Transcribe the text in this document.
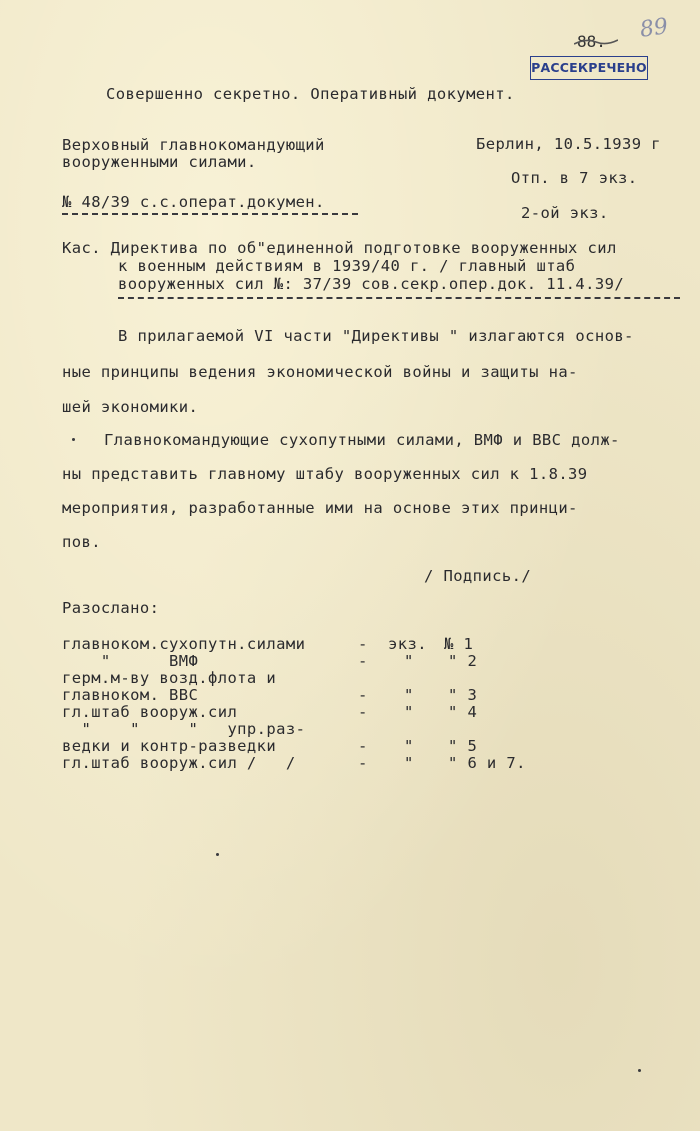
89
88.
РАССЕКРЕЧЕНО
Совершенно секретно. Оперативный документ.
Верховный главнокомандующий
вооруженными силами.
№ 48/39 с.с.операт.докумен.
Берлин, 10.5.1939 г
Отп. в 7 экз.
2-ой экз.
Кас. Директива по об"единенной подготовке вооруженных сил
к военным действиям в 1939/40 г. / главный штаб
вооруженных сил №: 37/39 сов.секр.опер.док. 11.4.39/
В прилагаемой VI части "Директивы " излагаются основ-
ные принципы ведения экономической войны и защиты на-
шей экономики.
Главнокомандующие сухопутными силами, ВМФ и ВВС долж-
ны представить главному штабу вооруженных сил к 1.8.39
мероприятия, разработанные ими на основе этих принци-
пов.
/ Подпись./
Разослано:
главноком.сухопутн.силами	- экз. № 1
"      ВМФ	- " " 2
герм.м-ву возд.флота и
главноком. ВВС	- " " 3
гл.штаб вооруж.сил	- " " 4
"    "     "   упр.раз-
ведки и контр-разведки	- " " 5
гл.штаб вооруж.сил /   /	- " " 6 и 7.
